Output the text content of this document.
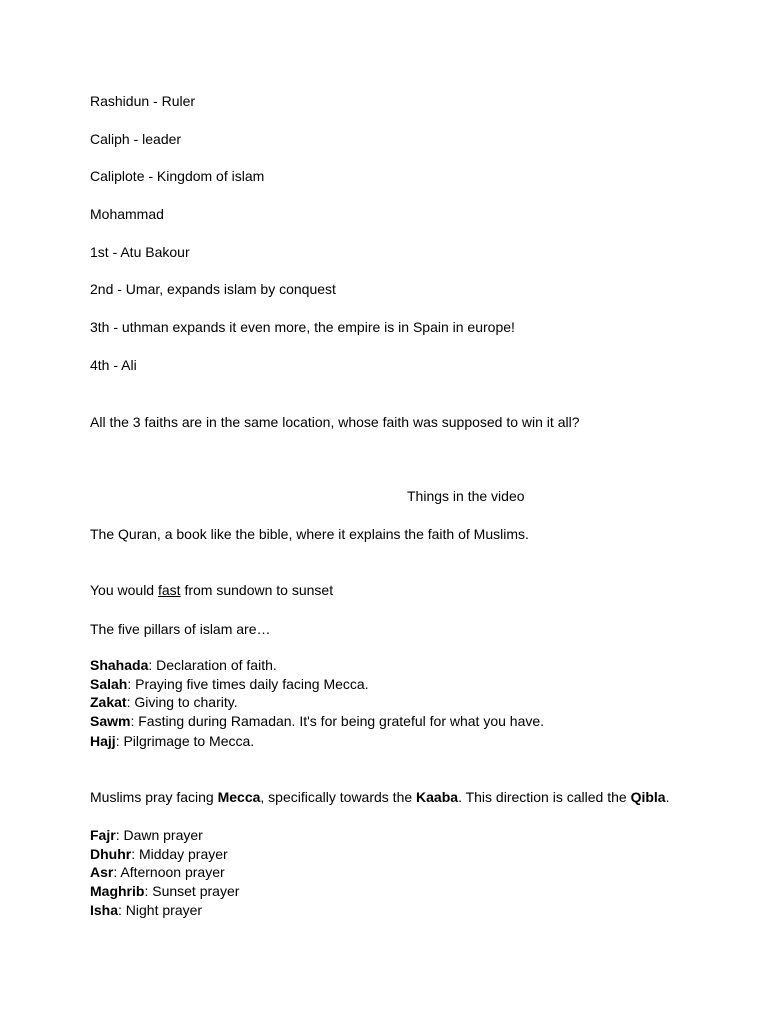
Rashidun - Ruler

Caliph - leader

Caliplote - Kingdom of islam

Mohammad

1st - Atu Bakour

2nd - Umar, expands islam by conquest

3th - uthman expands it even more, the empire is in Spain in europe!

4th - Ali

All the 3 faiths are in the same location, whose faith was supposed to win it all?

Things in the video

The Quran, a book like the bible, where it explains the faith of Muslims.

You would fast from sundown to sunset

The five pillars of islam are…

Shahada: Declaration of faith.

Salah: Praying five times daily facing Mecca.

Zakat: Giving to charity.

Sawm: Fasting during Ramadan. It's for being grateful for what you have.

Hajj: Pilgrimage to Mecca.

Muslims pray facing Mecca, specifically towards the Kaaba. This direction is called the Qibla.

Fajr: Dawn prayer

Dhuhr: Midday prayer

Asr: Afternoon prayer

Maghrib: Sunset prayer

Isha: Night prayer
